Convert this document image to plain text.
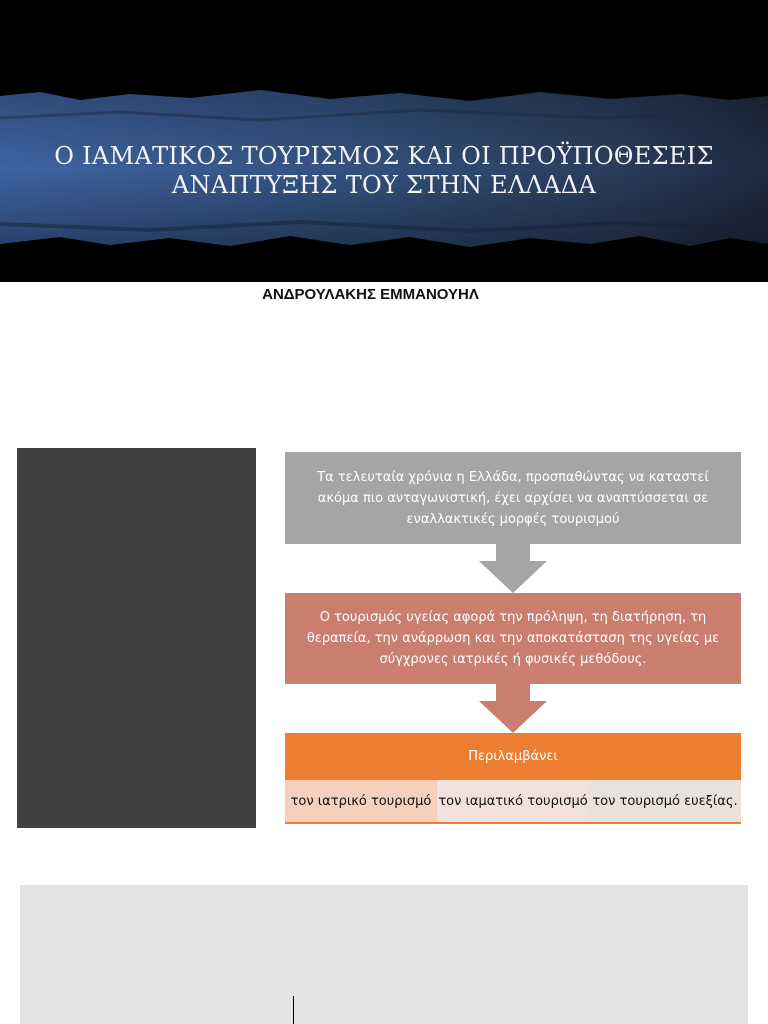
Ο ΙΑΜΑΤΙΚΟΣ ΤΟΥΡΙΣΜΟΣ ΚΑΙ ΟΙ ΠΡΟΫΠΟΘΕΣΕΙΣ
ΑΝΑΠΤΥΞΗΣ ΤΟΥ ΣΤΗΝ ΕΛΛΑΔΑ
ΑΝΔΡΟΥΛΑΚΗΣ ΕΜΜΑΝΟΥΗΛ
Τα τελευταία χρόνια η Ελλάδα, προσπαθώντας να καταστεί ακόμα πιο ανταγωνιστική, έχει αρχίσει να αναπτύσσεται σε εναλλακτικές μορφές τουρισμού
Ο τουρισμός υγείας αφορά την πρόληψη, τη διατήρηση, τη θεραπεία, την ανάρρωση και την αποκατάσταση της υγείας με σύγχρονες ιατρικές ή φυσικές μεθόδους.
Περιλαμβάνει
τον ιατρικό τουρισμό τον ιαματικό τουρισμό τον τουρισμό ευεξίας.
